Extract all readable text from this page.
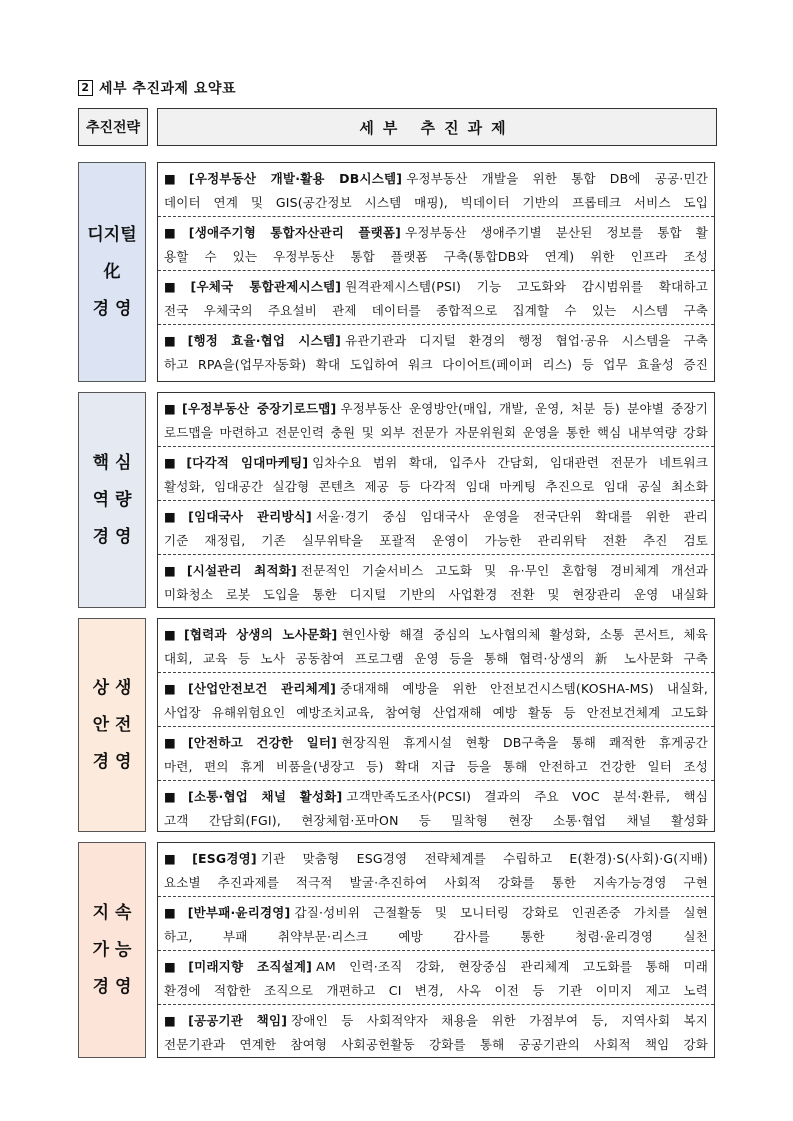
2 세부 추진과제 요약표
추진전략	세부 추진과제
디지털
化
경 영
■ [우정부동산 개발·활용 DB시스템] 우정부동산 개발을 위한 통합 DB에 공공·민간
데이터 연계 및 GIS(공간정보 시스템 매핑), 빅데이터 기반의 프롭테크 서비스 도입
■ [생애주기형 통합자산관리 플랫폼] 우정부동산 생애주기별 분산된 정보를 통합 활
용할 수 있는 우정부동산 통합 플랫폼 구축(통합DB와 연계) 위한 인프라 조성
■ [우체국 통합관제시스템] 원격관제시스템(PSI) 기능 고도화와 감시범위를 확대하고
전국 우체국의 주요설비 관제 데이터를 종합적으로 집계할 수 있는 시스템 구축
■ [행정 효율·협업 시스템] 유관기관과 디지털 환경의 행정 협업·공유 시스템을 구축
하고 RPA을(업무자동화) 확대 도입하여 워크 다이어트(페이퍼 리스) 등 업무 효율성 증진
핵 심
역 량
경 영
■ [우정부동산 중장기로드맵] 우정부동산 운영방안(매입, 개발, 운영, 처분 등) 분야별 중장기
로드맵을 마련하고 전문인력 충원 및 외부 전문가 자문위원회 운영을 통한 핵심 내부역량 강화
■ [다각적 임대마케팅] 임차수요 범위 확대, 입주사 간담회, 임대관련 전문가 네트워크
활성화, 임대공간 실감형 콘텐츠 제공 등 다각적 임대 마케팅 추진으로 임대 공실 최소화
■ [임대국사 관리방식] 서울·경기 중심 임대국사 운영을 전국단위 확대를 위한 관리
기준 재정립, 기존 실무위탁을 포괄적 운영이 가능한 관리위탁 전환 추진 검토
■ [시설관리 최적화] 전문적인 기술서비스 고도화 및 유·무인 혼합형 경비체계 개선과
미화청소 로봇 도입을 통한 디지털 기반의 사업환경 전환 및 현장관리 운영 내실화
상 생
안 전
경 영
■ [협력과 상생의 노사문화] 현인사항 해결 중심의 노사협의체 활성화, 소통 콘서트, 체육
대회, 교육 등 노사 공동참여 프로그램 운영 등을 통해 협력·상생의 新 노사문화 구축
■ [산업안전보건 관리체계] 중대재해 예방을 위한 안전보건시스템(KOSHA-MS) 내실화,
사업장 유해위험요인 예방조치교육, 참여형 산업재해 예방 활동 등 안전보건체계 고도화
■ [안전하고 건강한 일터] 현장직원 휴게시설 현황 DB구축을 통해 쾌적한 휴게공간
마련, 편의 휴게 비품을(냉장고 등) 확대 지급 등을 통해 안전하고 건강한 일터 조성
■ [소통·협업 채널 활성화] 고객만족도조사(PCSI) 결과의 주요 VOC 분석·환류, 핵심
고객 간담회(FGI), 현장체험·포마ON 등 밀착형 현장 소통·협업 채널 활성화
지 속
가 능
경 영
■ [ESG경영] 기관 맞춤형 ESG경영 전략체계를 수립하고 E(환경)·S(사회)·G(지배)
요소별 추진과제를 적극적 발굴·추진하여 사회적 강화를 통한 지속가능경영 구현
■ [반부패·윤리경영] 갑질·성비위 근절활동 및 모니터링 강화로 인권존중 가치를 실현
하고, 부패 취약부문·리스크 예방 감사를 통한 청렴·윤리경영 실천
■ [미래지향 조직설계] AM 인력·조직 강화, 현장중심 관리체계 고도화를 통해 미래
환경에 적합한 조직으로 개편하고 CI 변경, 사옥 이전 등 기관 이미지 제고 노력
■ [공공기관 책임] 장애인 등 사회적약자 채용을 위한 가점부여 등, 지역사회 복지
전문기관과 연계한 참여형 사회공헌활동 강화를 통해 공공기관의 사회적 책임 강화
